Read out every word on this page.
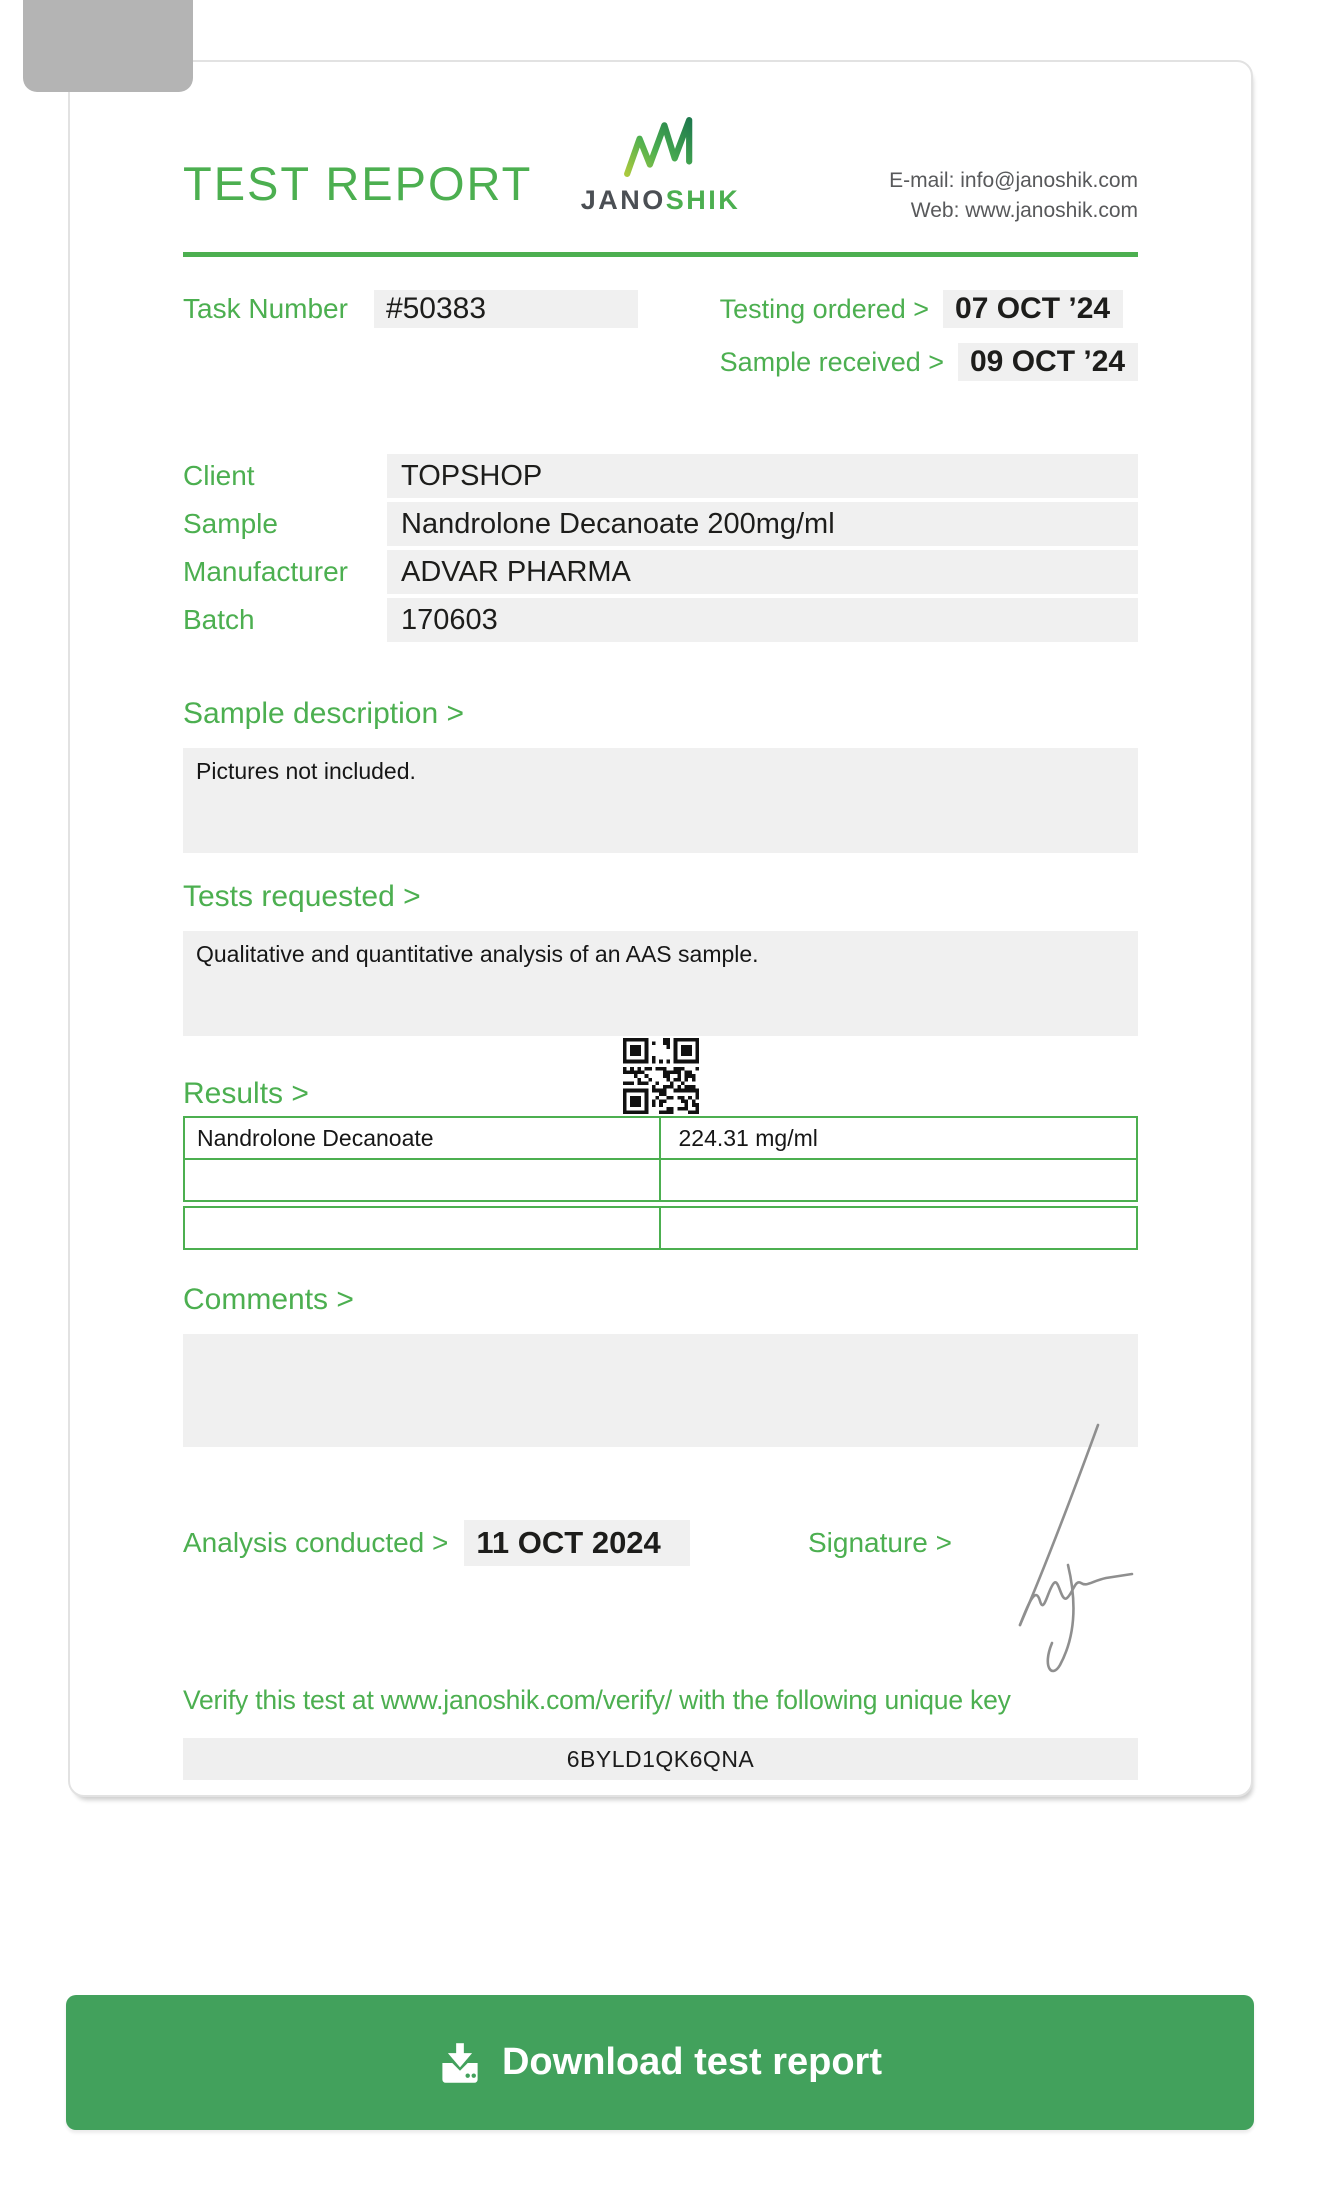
TEST REPORT JANOSHIK
E-mail: info@janoshik.com
Web: www.janoshik.com
Task Number	#50383	Testing ordered > 07 OCT ’24
Sample received > 09 OCT ’24
Client	TOPSHOP
Sample	Nandrolone Decanoate 200mg/ml
Manufacturer	ADVAR PHARMA
Batch	170603
Sample description >
Pictures not included.
Tests requested >
Qualitative and quantitative analysis of an AAS sample.
Results >
Nandrolone Decanoate	224.31 mg/ml
Comments >
Analysis conducted > 11 OCT 2024	Signature >
Verify this test at www.janoshik.com/verify/ with the following unique key
6BYLD1QK6QNA
Download test report
